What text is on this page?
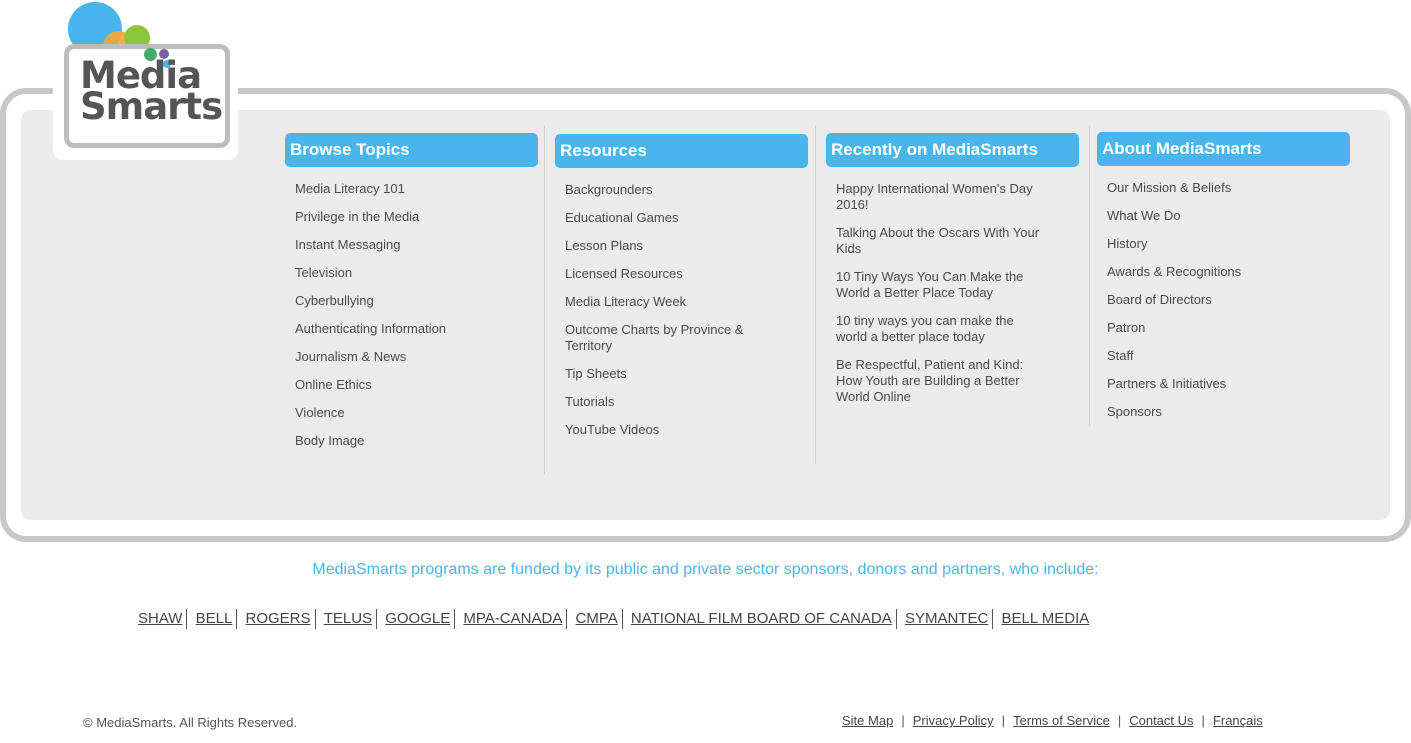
Media
Smarts

Browse Topics
Media Literacy 101
Privilege in the Media
Instant Messaging
Television
Cyberbullying
Authenticating Information
Journalism & News
Online Ethics
Violence
Body Image
Resources
Backgrounders
Educational Games
Lesson Plans
Licensed Resources
Media Literacy Week
Outcome Charts by Province & Territory
Tip Sheets
Tutorials
YouTube Videos
Recently on MediaSmarts
Happy International Women's Day 2016!
Talking About the Oscars With Your Kids
10 Tiny Ways You Can Make the World a Better Place Today
10 tiny ways you can make the world a better place today
Be Respectful, Patient and Kind: How Youth are Building a Better World Online
About MediaSmarts
Our Mission & Beliefs
What We Do
History
Awards & Recognitions
Board of Directors
Patron
Staff
Partners & Initiatives
Sponsors
MediaSmarts programs are funded by its public and private sector sponsors, donors and partners, who include:
SHAW BELL ROGERS TELUS GOOGLE MPA-CANADA CMPA NATIONAL FILM BOARD OF CANADA SYMANTEC BELL MEDIA
© MediaSmarts. All Rights Reserved.	Site Map | Privacy Policy | Terms of Service | Contact Us | Français
